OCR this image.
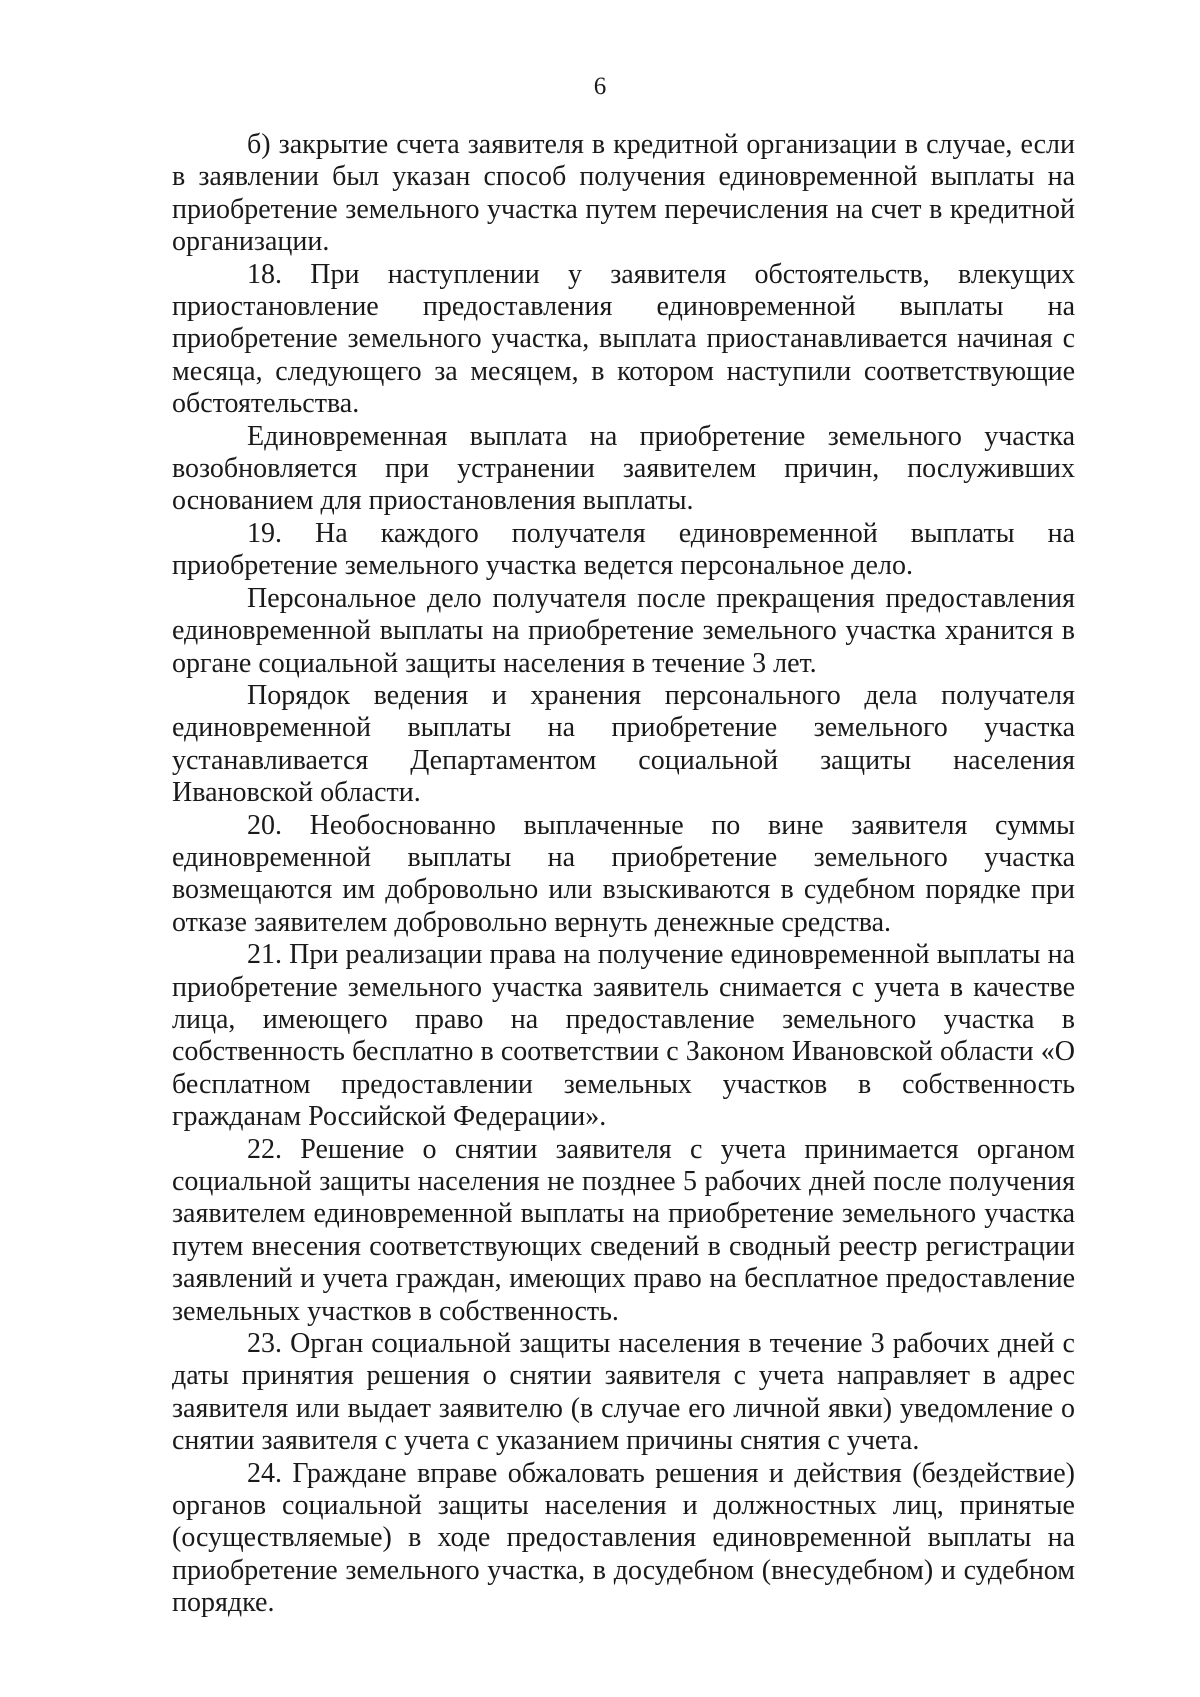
6

б) закрытие счета заявителя в кредитной организации в случае, если в заявлении был указан способ получения единовременной выплаты на приобретение земельного участка путем перечисления на счет в кредитной организации.

18. При наступлении у заявителя обстоятельств, влекущих приостановление предоставления единовременной выплаты на приобретение земельного участка, выплата приостанавливается начиная с месяца, следующего за месяцем, в котором наступили соответствующие обстоятельства.

Единовременная выплата на приобретение земельного участка возобновляется при устранении заявителем причин, послуживших основанием для приостановления выплаты.

19. На каждого получателя единовременной выплаты на приобретение земельного участка ведется персональное дело.

Персональное дело получателя после прекращения предоставления единовременной выплаты на приобретение земельного участка хранится в органе социальной защиты населения в течение 3 лет.

Порядок ведения и хранения персонального дела получателя единовременной выплаты на приобретение земельного участка устанавливается Департаментом социальной защиты населения Ивановской области.

20. Необоснованно выплаченные по вине заявителя суммы единовременной выплаты на приобретение земельного участка возмещаются им добровольно или взыскиваются в судебном порядке при отказе заявителем добровольно вернуть денежные средства.

21. При реализации права на получение единовременной выплаты на приобретение земельного участка заявитель снимается с учета в качестве лица, имеющего право на предоставление земельного участка в собственность бесплатно в соответствии с Законом Ивановской области «О бесплатном предоставлении земельных участков в собственность гражданам Российской Федерации».

22. Решение о снятии заявителя с учета принимается органом социальной защиты населения не позднее 5 рабочих дней после получения заявителем единовременной выплаты на приобретение земельного участка путем внесения соответствующих сведений в сводный реестр регистрации заявлений и учета граждан, имеющих право на бесплатное предоставление земельных участков в собственность.

23. Орган социальной защиты населения в течение 3 рабочих дней с даты принятия решения о снятии заявителя с учета направляет в адрес заявителя или выдает заявителю (в случае его личной явки) уведомление о снятии заявителя с учета с указанием причины снятия с учета.

24. Граждане вправе обжаловать решения и действия (бездействие) органов социальной защиты населения и должностных лиц, принятые (осуществляемые) в ходе предоставления единовременной выплаты на приобретение земельного участка, в досудебном (внесудебном) и судебном порядке.
